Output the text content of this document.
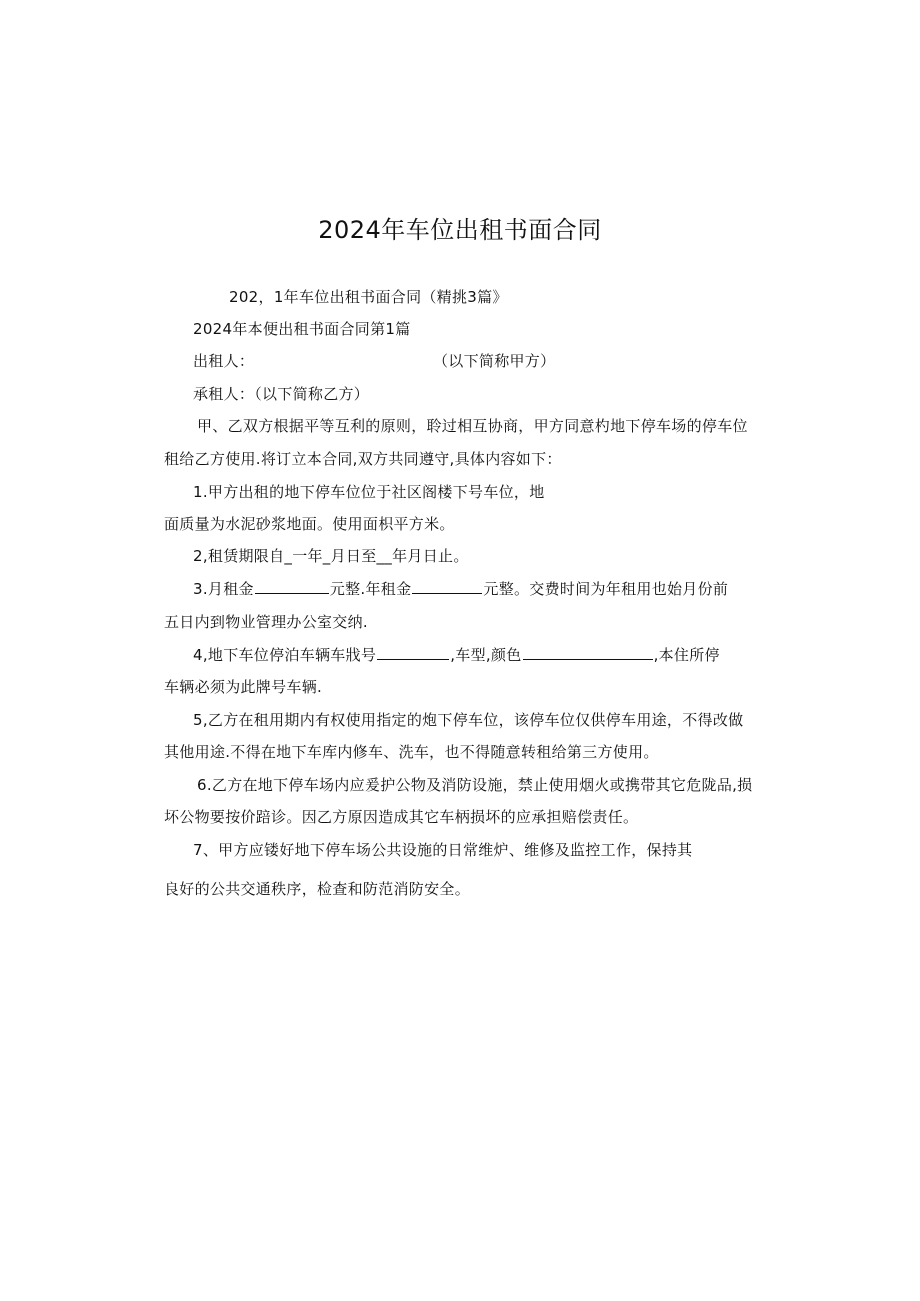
2024年车位出租书面合同
202，1年车位出租书面合同（精挑3篇》
2024年本便出租书面合同第1篇
出租人：	（以下简称甲方）
承租人：（以下简称乙方）
甲、乙双方根据平等互利的原则，聆过相互协商，甲方同意杓地下停车场的停车位
租给乙方使用.将订立本合同,双方共同遵守,具体内容如下：
1.甲方出租的地下停车位位于社区阁楼下号车位，地
面质量为水泥砂浆地面。使用面枳平方米。
2,租赁期限自_一年_月日至__年月日止。
3.月租金	元整.年租金	元整。交费时间为年租用也始月份前
五日内到物业管理办公室交纳.
4,地下车位停泊车辆车戕号	,车型,颜色	,本住所停
车辆必须为此牌号车辆.
5,乙方在租用期内有权使用指定的炮下停车位，该停车位仅供停车用途，不得改做
其他用途.不得在地下车库内修车、洗车，也不得随意转租给第三方使用。
6.乙方在地下停车场内应爰护公物及消防设施，禁止使用烟火或携带其它危陇品,损
坏公物要按价踣诊。因乙方原因造成其它车柄损坏的应承担赔偿责任。
7、甲方应镂好地下停车场公共设施的日常维炉、维修及监控工作，保持其
良好的公共交通秩序，检查和防范消防安全。
